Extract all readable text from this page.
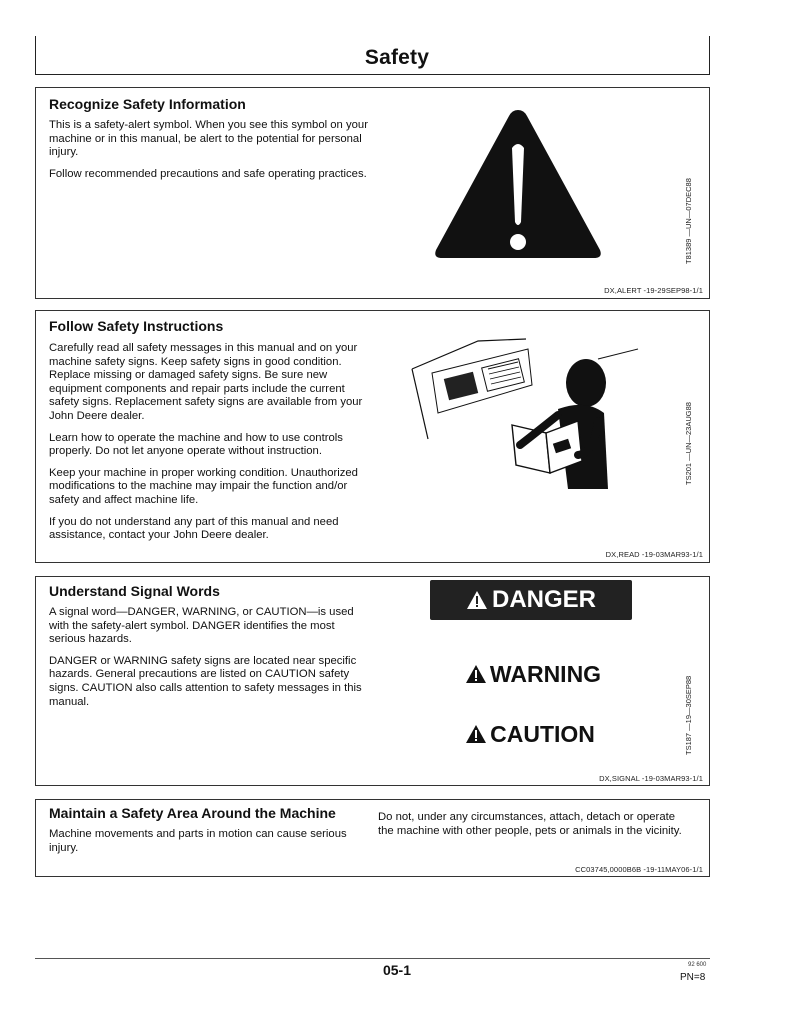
Safety
Recognize Safety Information

This is a safety-alert symbol. When you see this symbol on your machine or in this manual, be alert to the potential for personal injury.

Follow recommended precautions and safe operating practices.

T81389 —UN—07DEC88
DX,ALERT -19-29SEP98-1/1
Follow Safety Instructions

Carefully read all safety messages in this manual and on your machine safety signs. Keep safety signs in good condition. Replace missing or damaged safety signs. Be sure new equipment components and repair parts include the current safety signs. Replacement safety signs are available from your John Deere dealer.

Learn how to operate the machine and how to use controls properly. Do not let anyone operate without instruction.

Keep your machine in proper working condition. Unauthorized modifications to the machine may impair the function and/or safety and affect machine life.

If you do not understand any part of this manual and need assistance, contact your John Deere dealer.

TS201 —UN—23AUG88
DX,READ -19-03MAR93-1/1
Understand Signal Words

A signal word—DANGER, WARNING, or CAUTION—is used with the safety-alert symbol. DANGER identifies the most serious hazards.

DANGER or WARNING safety signs are located near specific hazards. General precautions are listed on CAUTION safety signs. CAUTION also calls attention to safety messages in this manual.

DANGER
WARNING
CAUTION	TS187 —19—30SEP88
DX,SIGNAL -19-03MAR93-1/1
Maintain a Safety Area Around the Machine

Machine movements and parts in motion can cause serious injury.

Do not, under any circumstances, attach, detach or operate the machine with other people, pets or animals in the vicinity.

CC03745,0000B6B -19-11MAY06-1/1
05-1	92 600
PN=8
